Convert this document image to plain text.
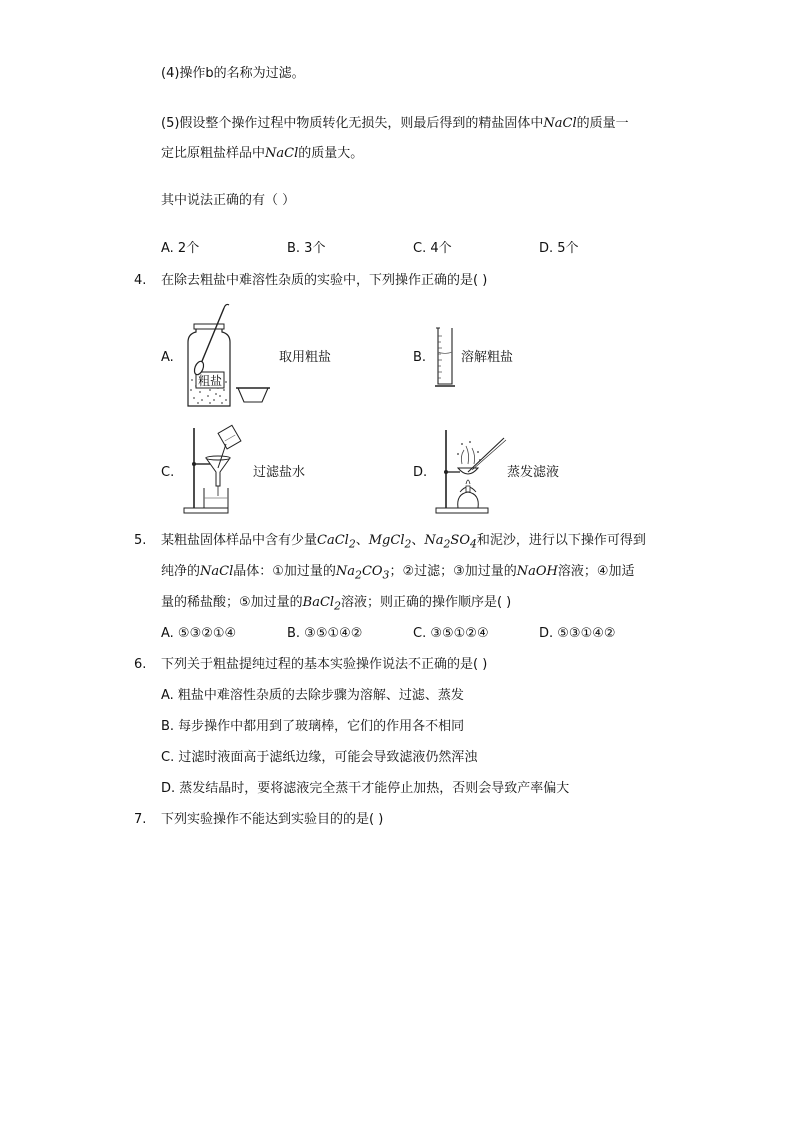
(4)操作b的名称为过滤。
(5)假设整个操作过程中物质转化无损失，则最后得到的精盐固体中NaCl的质量一
定比原粗盐样品中NaCl的质量大。
其中说法正确的有（ ）
A. 2个	B. 3个	C. 4个	D. 5个
4. 在除去粗盐中难溶性杂质的实验中，下列操作正确的是( )
A.
粗盐
取用粗盐	B.	溶解粗盐
C.	过滤盐水	D.	蒸发滤液
5. 某粗盐固体样品中含有少量CaCl$_2$、MgCl$_2$、$Na_2SO_4$和泥沙，进行以下操作可得到
纯净的NaCl晶体：①加过量的$Na_2CO_3$；②过滤；③加过量的NaOH溶液；④加适
量的稀盐酸；⑤加过量的BaCl$_2$溶液；则正确的操作顺序是( )
A. ⑤③②①④	B. ③⑤①④②	C. ③⑤①②④	D. ⑤③①④②
6. 下列关于粗盐提纯过程的基本实验操作说法不正确的是( )
A. 粗盐中难溶性杂质的去除步骤为溶解、过滤、蒸发
B. 每步操作中都用到了玻璃棒，它们的作用各不相同
C. 过滤时液面高于滤纸边缘，可能会导致滤液仍然浑浊
D. 蒸发结晶时，要将滤液完全蒸干才能停止加热，否则会导致产率偏大
7. 下列实验操作不能达到实验目的的是( )
